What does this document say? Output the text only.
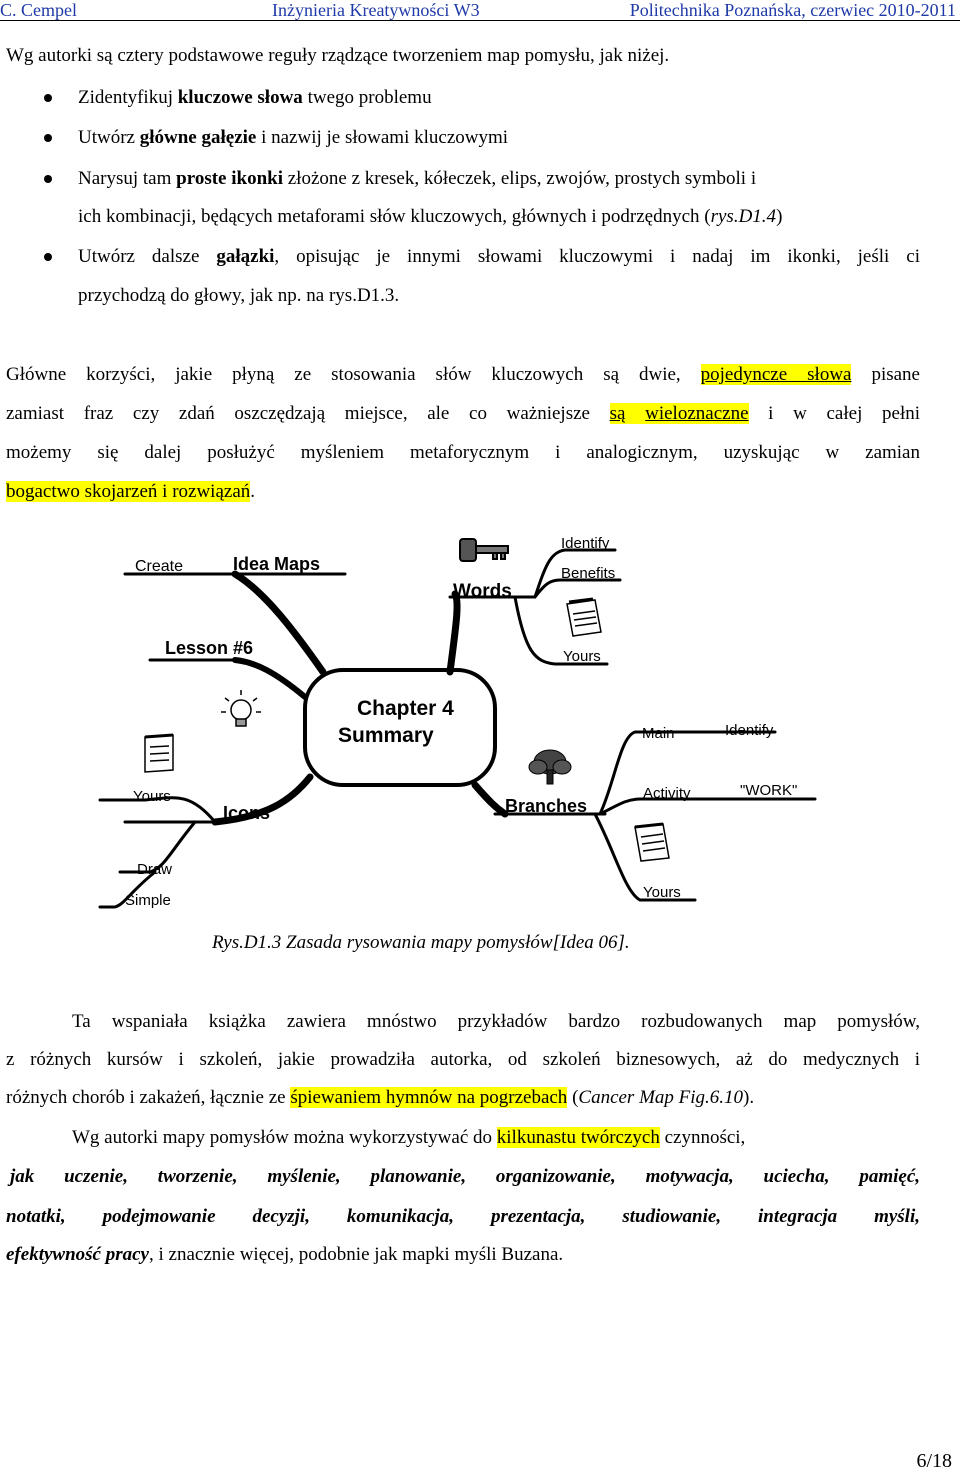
C. Cempel	Inżynieria Kreatywności W3	Politechnika Poznańska, czerwiec 2010-2011
Wg autorki są cztery podstawowe reguły rządzące tworzeniem map pomysłu, jak niżej.
Zidentyfikuj kluczowe słowa twego problemu
Utwórz główne gałęzie i nazwij je słowami kluczowymi
Narysuj tam proste ikonki złożone z kresek, kółeczek, elips, zwojów, prostych symboli i
ich kombinacji, będących metaforami słów kluczowych, głównych i podrzędnych (rys.D1.4)
Utwórz dalsze gałązki, opisując je innymi słowami kluczowymi i nadaj im ikonki, jeśli ci
przychodzą do głowy, jak np. na rys.D1.3.
Główne korzyści, jakie płyną ze stosowania słów kluczowych są dwie, pojedyncze słowa pisane
zamiast fraz czy zdań oszczędzają miejsce, ale co ważniejsze są wieloznaczne i w całej pełni
możemy się dalej posłużyć myśleniem metaforycznym i analogicznym, uzyskując w zamian
bogactwo skojarzeń i rozwiązań.
Chapter 4
Summary
Create	Idea Maps
Lesson #6
Words
Identify
Benefits
Yours
Main	Identify
Activity	"WORK"
Yours
Branches
Yours
Icons
Draw
Simple
Rys.D1.3 Zasada rysowania mapy pomysłów[Idea 06].
Ta wspaniała książka zawiera mnóstwo przykładów bardzo rozbudowanych map pomysłów,
z różnych kursów i szkoleń, jakie prowadziła autorka, od szkoleń biznesowych, aż do medycznych i
różnych chorób i zakażeń, łącznie ze śpiewaniem hymnów na pogrzebach (Cancer Map Fig.6.10).
Wg autorki mapy pomysłów można wykorzystywać do kilkunastu twórczych czynności,
jak uczenie, tworzenie, myślenie, planowanie, organizowanie, motywacja, uciecha, pamięć,
notatki, podejmowanie decyzji, komunikacja, prezentacja, studiowanie, integracja myśli,
efektywność pracy, i znacznie więcej, podobnie jak mapki myśli Buzana.
6/18
